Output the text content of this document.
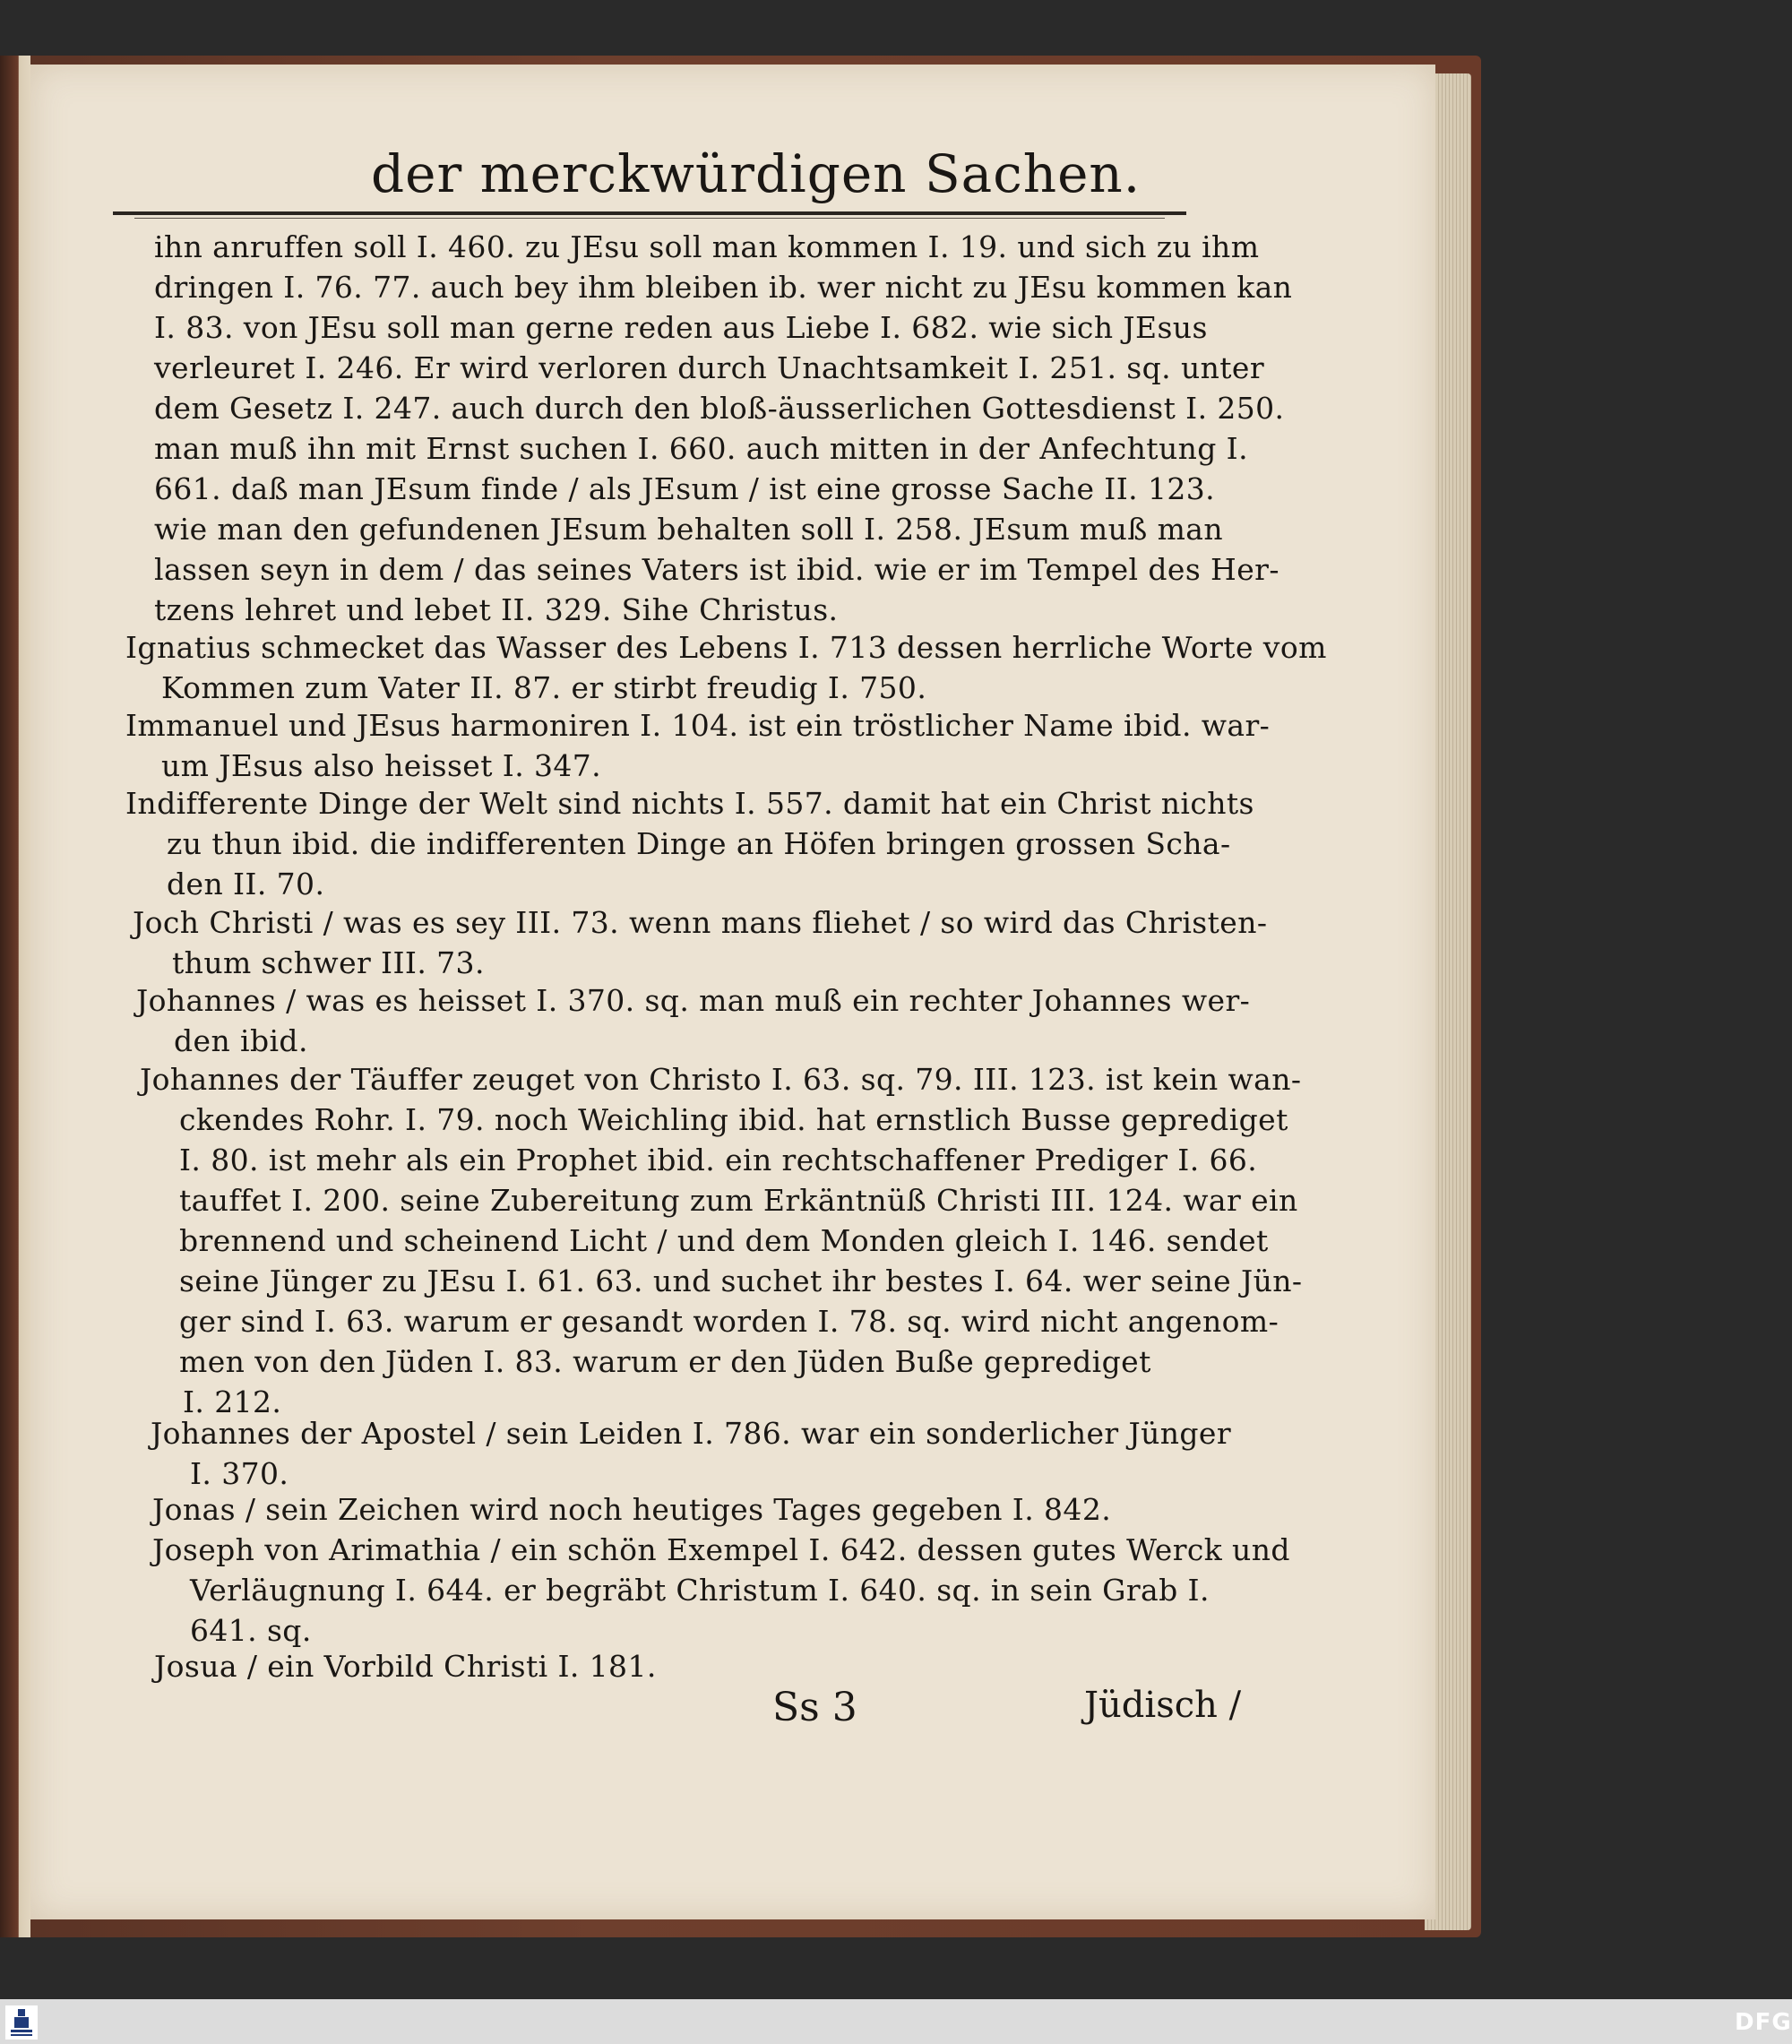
der merckwürdigen Sachen.
ihn anruffen soll I. 460. zu JEsu soll man kommen I. 19. und sich zu ihm
dringen I. 76. 77. auch bey ihm bleiben ib. wer nicht zu JEsu kommen kan
I. 83. von JEsu soll man gerne reden aus Liebe I. 682. wie sich JEsus
verleuret I. 246. Er wird verloren durch Unachtsamkeit I. 251. sq. unter
dem Gesetz I. 247. auch durch den bloß-äusserlichen Gottesdienst I. 250.
man muß ihn mit Ernst suchen I. 660. auch mitten in der Anfechtung I.
661. daß man JEsum finde / als JEsum / ist eine grosse Sache II. 123.
wie man den gefundenen JEsum behalten soll I. 258. JEsum muß man
lassen seyn in dem / das seines Vaters ist ibid. wie er im Tempel des Her-
tzens lehret und lebet II. 329. Sihe Christus.
Ignatius schmecket das Wasser des Lebens I. 713 dessen herrliche Worte vom
Kommen zum Vater II. 87. er stirbt freudig I. 750.
Immanuel und JEsus harmoniren I. 104. ist ein tröstlicher Name ibid. war-
um JEsus also heisset I. 347.
Indifferente Dinge der Welt sind nichts I. 557. damit hat ein Christ nichts
zu thun ibid. die indifferenten Dinge an Höfen bringen grossen Scha-
den II. 70.
Joch Christi / was es sey III. 73. wenn mans fliehet / so wird das Christen-
thum schwer III. 73.
Johannes / was es heisset I. 370. sq. man muß ein rechter Johannes wer-
den ibid.
Johannes der Täuffer zeuget von Christo I. 63. sq. 79. III. 123. ist kein wan-
ckendes Rohr. I. 79. noch Weichling ibid. hat ernstlich Busse geprediget
I. 80. ist mehr als ein Prophet ibid. ein rechtschaffener Prediger I. 66.
tauffet I. 200. seine Zubereitung zum Erkäntnüß Christi III. 124. war ein
brennend und scheinend Licht / und dem Monden gleich I. 146. sendet
seine Jünger zu JEsu I. 61. 63. und suchet ihr bestes I. 64. wer seine Jün-
ger sind I. 63. warum er gesandt worden I. 78. sq. wird nicht angenom-
men von den Jüden I. 83. warum er den Jüden Buße geprediget
I. 212.
Johannes der Apostel / sein Leiden I. 786. war ein sonderlicher Jünger
I. 370.
Jonas / sein Zeichen wird noch heutiges Tages gegeben I. 842.
Joseph von Arimathia / ein schön Exempel I. 642. dessen gutes Werck und
Verläugnung I. 644. er begräbt Christum I. 640. sq. in sein Grab I.
641. sq.
Josua / ein Vorbild Christi I. 181.
Ss 3	Jüdisch /
DFG
